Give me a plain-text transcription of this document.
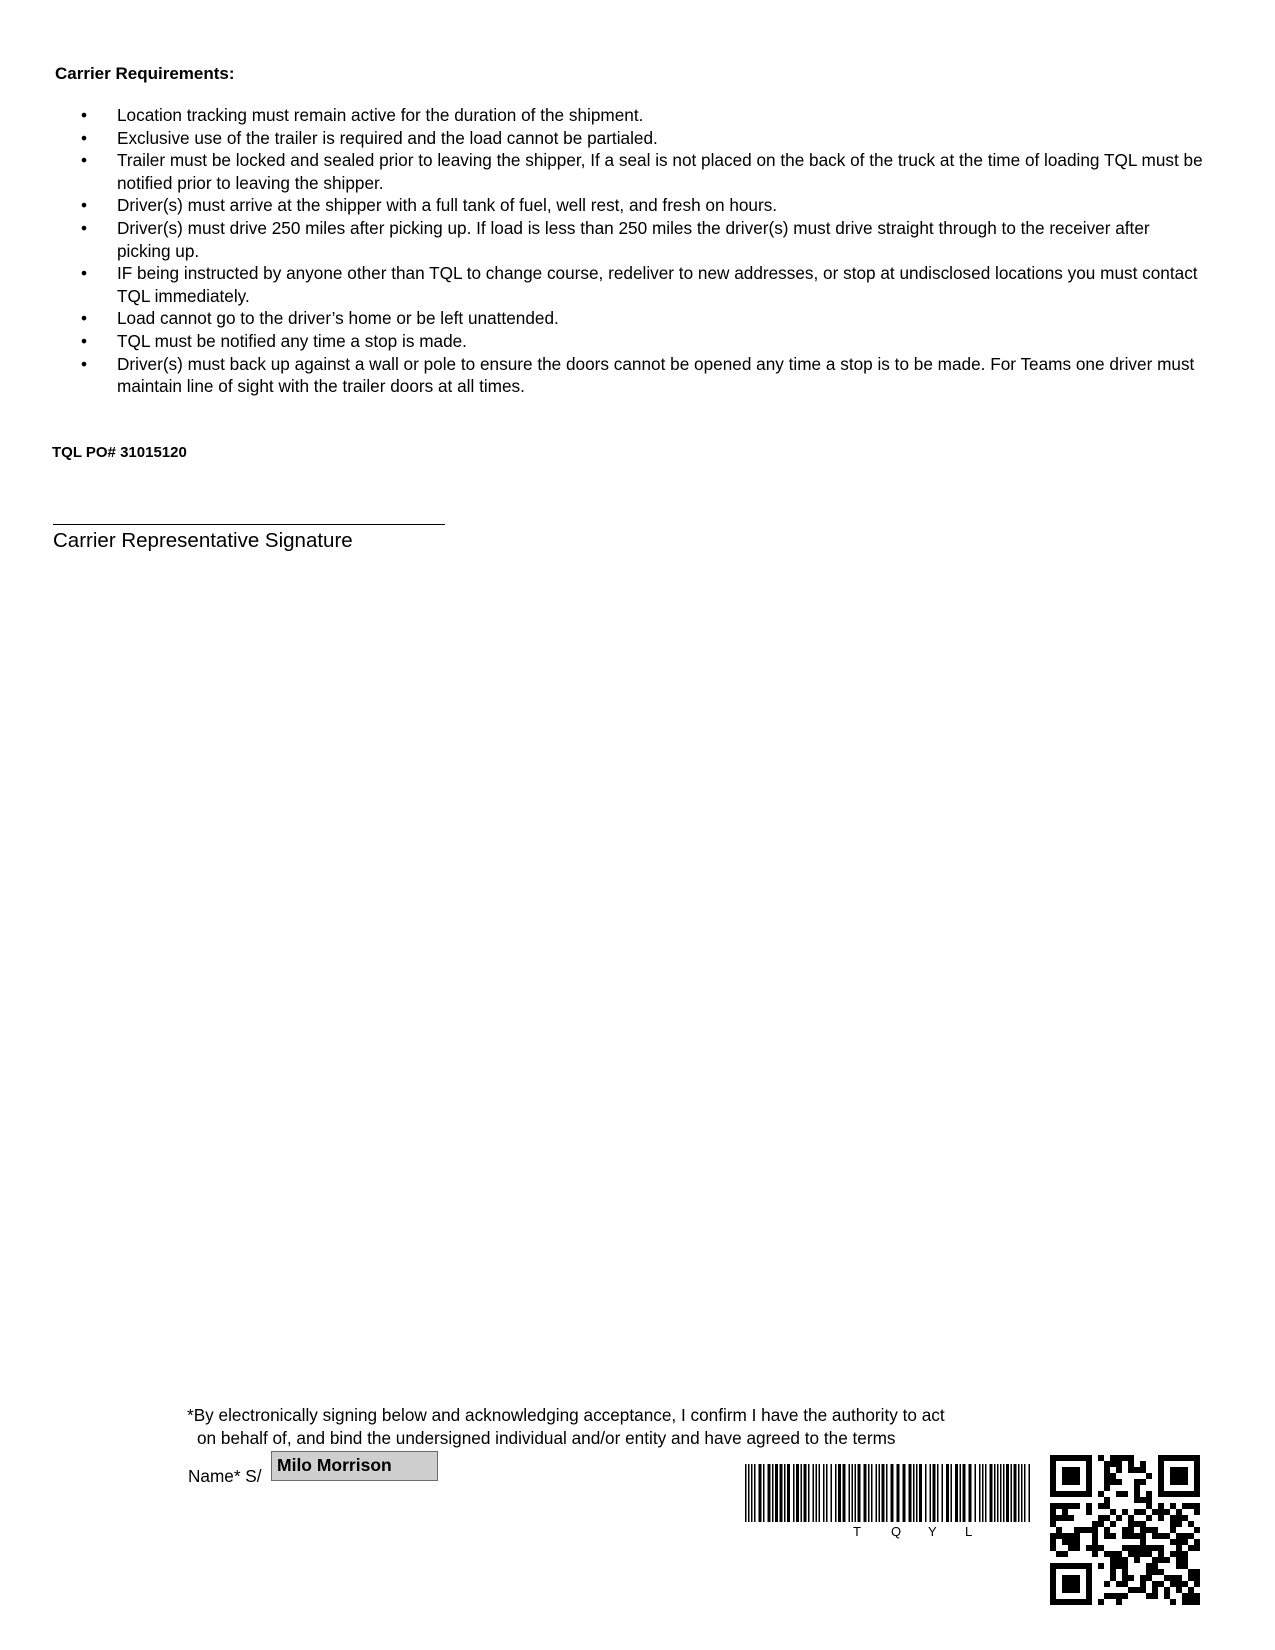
Carrier Requirements:
• Location tracking must remain active for the duration of the shipment.
• Exclusive use of the trailer is required and the load cannot be partialed.
• Trailer must be locked and sealed prior to leaving the shipper, If a seal is not placed on the back of the truck at the time of loading TQL must be notified prior to leaving the shipper.
• Driver(s) must arrive at the shipper with a full tank of fuel, well rest, and fresh on hours.
• Driver(s) must drive 250 miles after picking up. If load is less than 250 miles the driver(s) must drive straight through to the receiver after picking up.
• IF being instructed by anyone other than TQL to change course, redeliver to new addresses, or stop at undisclosed locations you must contact TQL immediately.
• Load cannot go to the driver’s home or be left unattended.
• TQL must be notified any time a stop is made.
• Driver(s) must back up against a wall or pole to ensure the doors cannot be opened any time a stop is to be made. For Teams one driver must maintain line of sight with the trailer doors at all times.
TQL PO# 31015120
Carrier Representative Signature
*By electronically signing below and acknowledging acceptance, I confirm I have the authority to act
on behalf of, and bind the undersigned individual and/or entity and have agreed to the terms
Name* S/
Milo Morrison
T Q Y L
